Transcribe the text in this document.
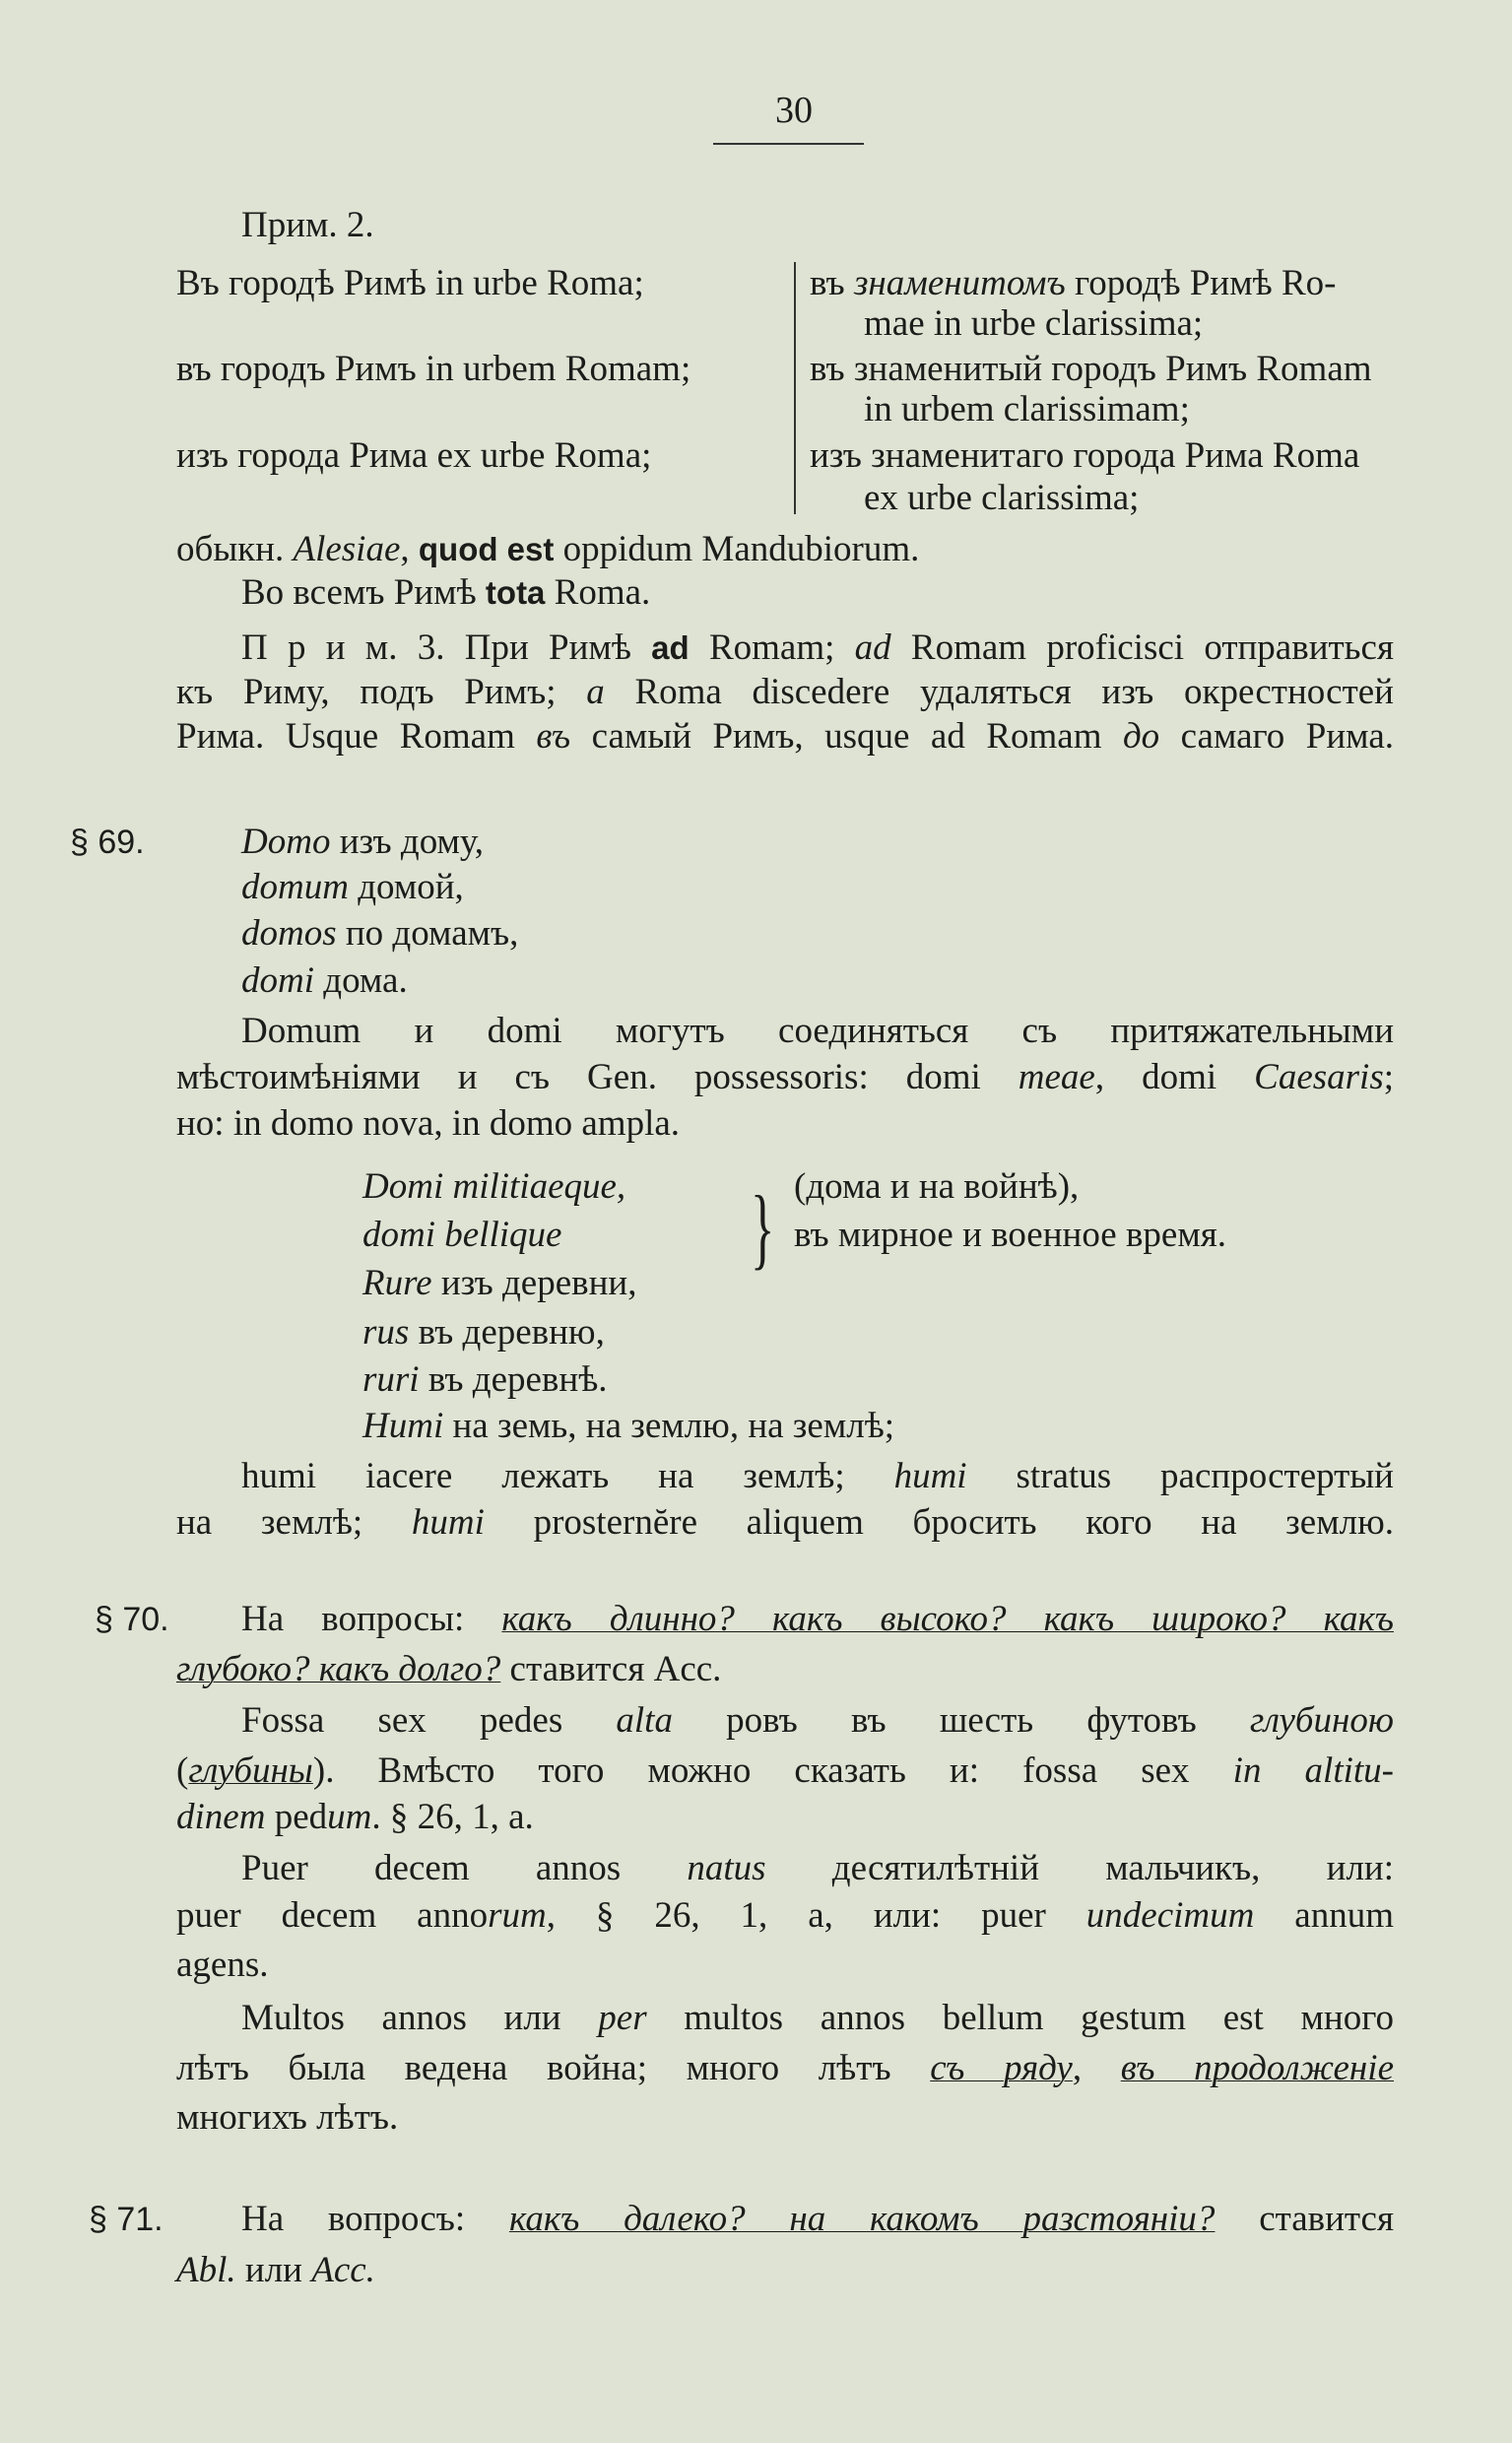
30
}
§ 69.
§ 70.
§ 71.
Прим. 2.
Въ городѣ Римѣ in urbe Roma;	въ знаменитомъ городѣ Римѣ Ro-
mae in urbe clarissima;
въ городъ Римъ in urbem Romam;	въ знаменитый городъ Римъ Romam
in urbem clarissimam;
изъ города Рима ex urbe Roma;	изъ знаменитаго города Рима Roma
ex urbe clarissima;
обыкн. Alesiae, quod est oppidum Mandubiorum.
Во всемъ Римѣ tota Roma.
П р и м. 3. При Римѣ ad Romam; ad Romam proficisci отправиться
къ Риму, подъ Римъ; a Roma discedere удаляться изъ окрестностей
Рима. Usque Romam въ самый Римъ, usque ad Romam до самаго Рима.
Domo изъ дому,
domum домой,
domos по домамъ,
domi дома.
Domum и domi могутъ соединяться съ притяжательными
мѣстоимѣніями и съ Gen. possessoris: domi meae, domi Caesaris;
но: in domo nova, in domo ampla.
Domi militiaeque,	(дома и на войнѣ),
domi bellique	въ мирное и военное время.
Rure изъ деревни,
rus въ деревню,
ruri въ деревнѣ.
Humi на земь, на землю, на землѣ;
humi iacere лежать на землѣ; humi stratus распростертый
на землѣ; humi prosternĕre aliquem бросить кого на землю.
На вопросы: какъ длинно? какъ высоко? какъ широко? какъ
глубоко? какъ долго? ставится Acc.
Fossa sex pedes alta ровъ въ шесть футовъ глубиною
(глубины). Вмѣсто того можно сказать и: fossa sex in altitu-
dinem pedum. § 26, 1, a.
Puer decem annos natus десятилѣтній мальчикъ, или:
puer decem annorum, § 26, 1, a, или: puer undecimum annum
agens.
Multos annos или per multos annos bellum gestum est много
лѣтъ была ведена война; много лѣтъ съ ряду, въ продолженіе
многихъ лѣтъ.
На вопросъ: какъ далеко? на какомъ разстояніи? ставится
Abl. или Acc.
